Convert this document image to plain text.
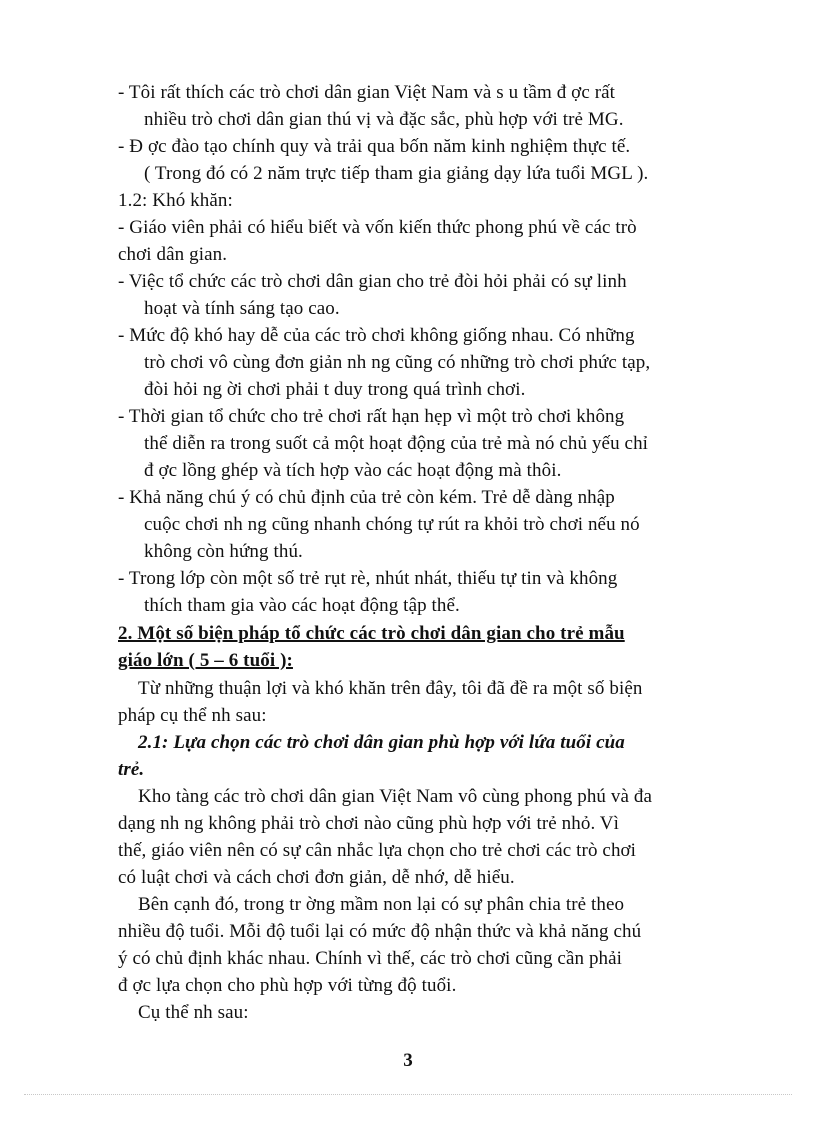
- Tôi rất thích các trò chơi dân gian Việt Nam và s u tầm đ ợc rất
nhiều trò chơi dân gian thú vị và đặc sắc, phù hợp với trẻ MG.
- Đ ợc đào tạo chính quy và trải qua bốn năm kinh nghiệm thực tế.
( Trong đó có 2 năm trực tiếp tham gia giảng dạy lứa tuổi MGL ).
1.2: Khó khăn:
- Giáo viên phải có hiểu biết và vốn kiến thức phong phú về các trò
chơi dân gian.
- Việc tổ chức các trò chơi dân gian cho trẻ đòi hỏi phải có sự linh
hoạt và tính sáng tạo cao.
- Mức độ khó hay dễ của các trò chơi không giống nhau. Có những
trò chơi vô cùng đơn giản nh ng cũng có những trò chơi phức tạp,
đòi hỏi ng ời chơi phải t duy trong quá trình chơi.
- Thời gian tổ chức cho trẻ chơi rất hạn hẹp vì một trò chơi không
thể diễn ra trong suốt cả một hoạt động của trẻ mà nó chủ yếu chỉ
đ ợc lồng ghép và tích hợp vào các hoạt động mà thôi.
- Khả năng chú ý có chủ định của trẻ còn kém. Trẻ dễ dàng nhập
cuộc chơi nh ng cũng nhanh chóng tự rút ra khỏi trò chơi nếu nó
không còn hứng thú.
- Trong lớp còn một số trẻ rụt rè, nhút nhát, thiếu tự tin và không
thích tham gia vào các hoạt động tập thể.
2. Một số biện pháp tổ chức các trò chơi dân gian cho trẻ mẫu
giáo lớn ( 5 – 6 tuổi ):
Từ những thuận lợi và khó khăn trên đây, tôi đã đề ra một số biện
pháp cụ thể nh sau:
2.1: Lựa chọn các trò chơi dân gian phù hợp với lứa tuổi của
trẻ.
Kho tàng các trò chơi dân gian Việt Nam vô cùng phong phú và đa
dạng nh ng không phải trò chơi nào cũng phù hợp với trẻ nhỏ. Vì
thế, giáo viên nên có sự cân nhắc lựa chọn cho trẻ chơi các trò chơi
có luật chơi và cách chơi đơn giản, dễ nhớ, dễ hiểu.
Bên cạnh đó, trong tr ờng mầm non lại có sự phân chia trẻ theo
nhiều độ tuổi. Mỗi độ tuổi lại có mức độ nhận thức và khả năng chú
ý có chủ định khác nhau. Chính vì thế, các trò chơi cũng cần phải
đ ợc lựa chọn cho phù hợp với từng độ tuổi.
Cụ thể nh sau:
3
